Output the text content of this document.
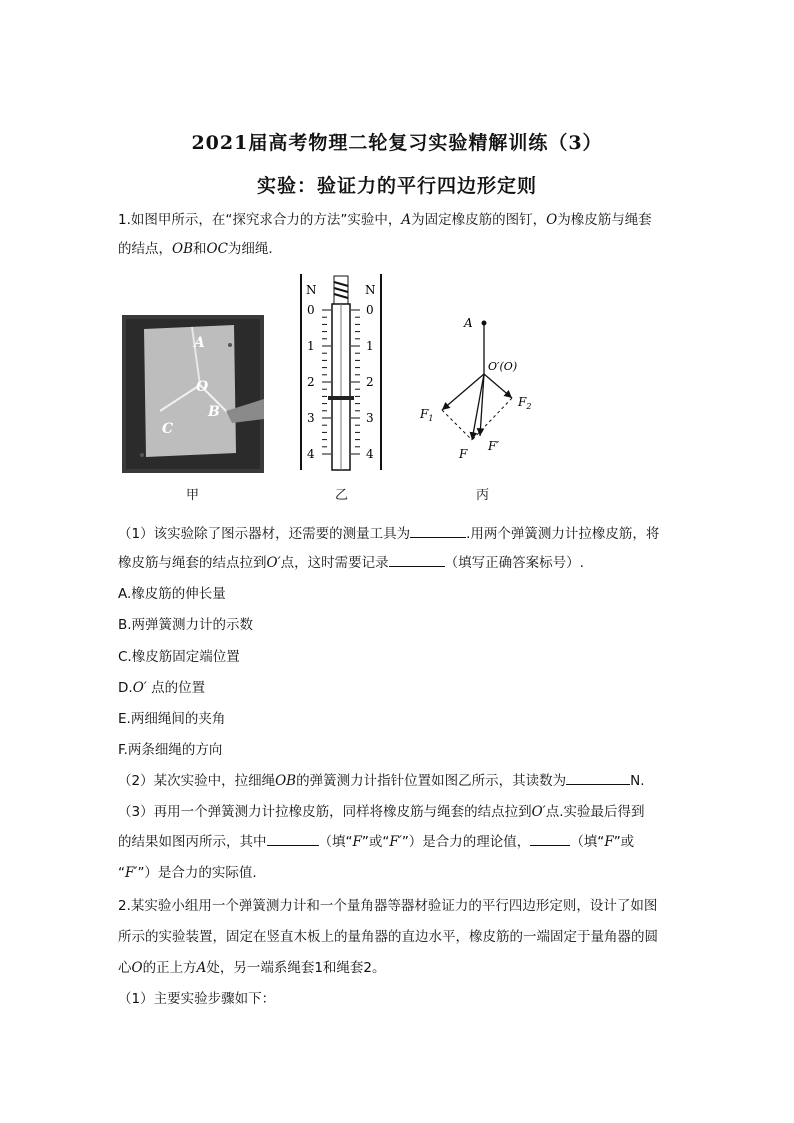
2021届高考物理二轮复习实验精解训练（3）
实验：验证力的平行四边形定则
1.如图甲所示，在“探究求合力的方法”实验中，A为固定橡皮筋的图钉，O为橡皮筋与绳套
的结点，OB和OC为细绳.
A
O
B
C
甲
N	N
0	0
1	1
2	2
3	3
4	4
乙
A
O′(O)
$F_1$
$F_2$
F
F′
丙
（1）该实验除了图示器材，还需要的测量工具为	.用两个弹簧测力计拉橡皮筋，将
橡皮筋与绳套的结点拉到O′点，这时需要记录	（填写正确答案标号）.
A.橡皮筋的伸长量
B.两弹簧测力计的示数
C.橡皮筋固定端位置
D.O′ 点的位置
E.两细绳间的夹角
F.两条细绳的方向
（2）某次实验中，拉细绳OB的弹簧测力计指针位置如图乙所示，其读数为	N.
（3）再用一个弹簧测力计拉橡皮筋，同样将橡皮筋与绳套的结点拉到O′点.实验最后得到
的结果如图丙所示，其中	（填“F”或“F′”）是合力的理论值，	（填“F”或
“F′”）是合力的实际值.
2.某实验小组用一个弹簧测力计和一个量角器等器材验证力的平行四边形定则，设计了如图
所示的实验装置，固定在竖直木板上的量角器的直边水平，橡皮筋的一端固定于量角器的圆
心O的正上方A处，另一端系绳套1和绳套2。
（1）主要实验步骤如下：
